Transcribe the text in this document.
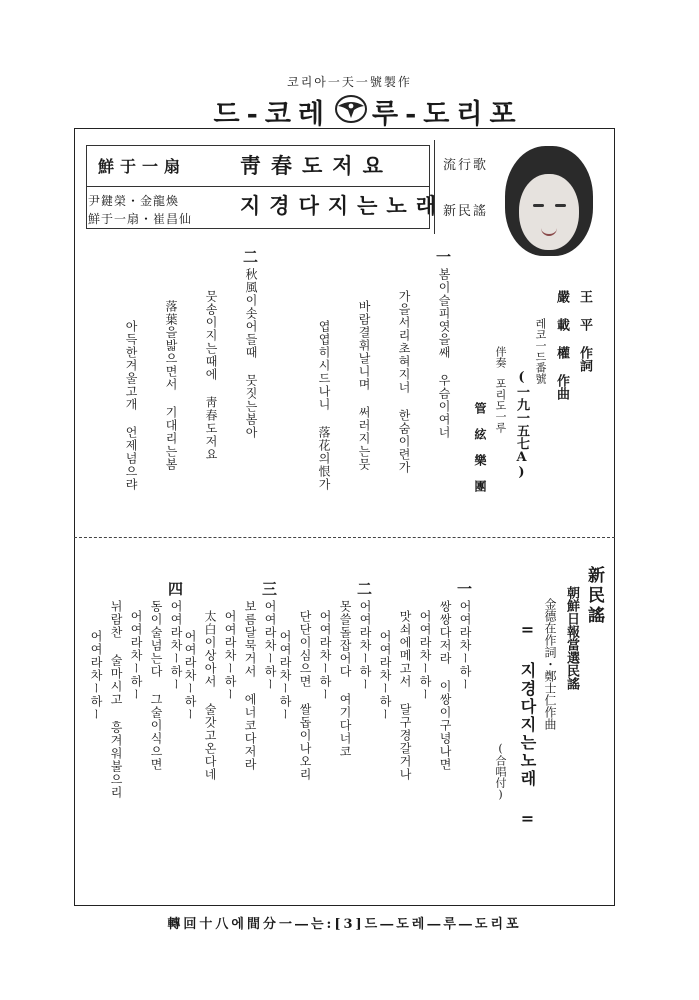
코리아一天一號製作
드-코레 루-도리포
鮮于一扇	靑春도저요
지경다지는노래
尹鍵榮・金龍煥
鮮于一扇・崔昌仙
流行歌
新民謠
王 平 作詞
嚴 載 權 作曲
레코一드番號
(一九一五七A)
伴奏
포리도一루
管 絃 樂 團
一
봄이슬피엿을쌔 우슴이여너
가을서리초혀지너 한숨이련가
바람결휘날니며 써러지는뭇
엽엽히시드나니 落花의恨가
二
秋風이솟어들때 뭇짓는봄아
뭇송이지는때에 靑春도저요
落葉을밟으면서 기대리는봄
아득한겨울고개 언제넘으랴
新民謠
朝鮮日報當選民謠
金德在作詞・鄭士仁作曲
= 지경다지는노래 =
(合唱付)
一
어여라차ー하ー
쌍쌍다저라 이쌍이구녕나면
어여라차ー하ー
맛쇠에메고서 달구경갈거나
어여라차ー하ー
二
어여라차ー하ー
못쓸돌잡어다 여기다너코
어여라차ー하ー
단단이심으면 쌀돕이나오리
어여라차ー하ー
三
어여라차ー하ー
보름달묵거서 에너코다저라
어여라차ー하ー
太白이상아서 술갓고온다네
어여라차ー하ー
四
어여라차ー하ー
동이술넘는다 그술이식으면
어여라차ー하ー
뉘람찬 술마시고 흥겨워불으리
어여라차ー하ー
轉回十八에間分一―는:[3]드―도레―루―도리포
